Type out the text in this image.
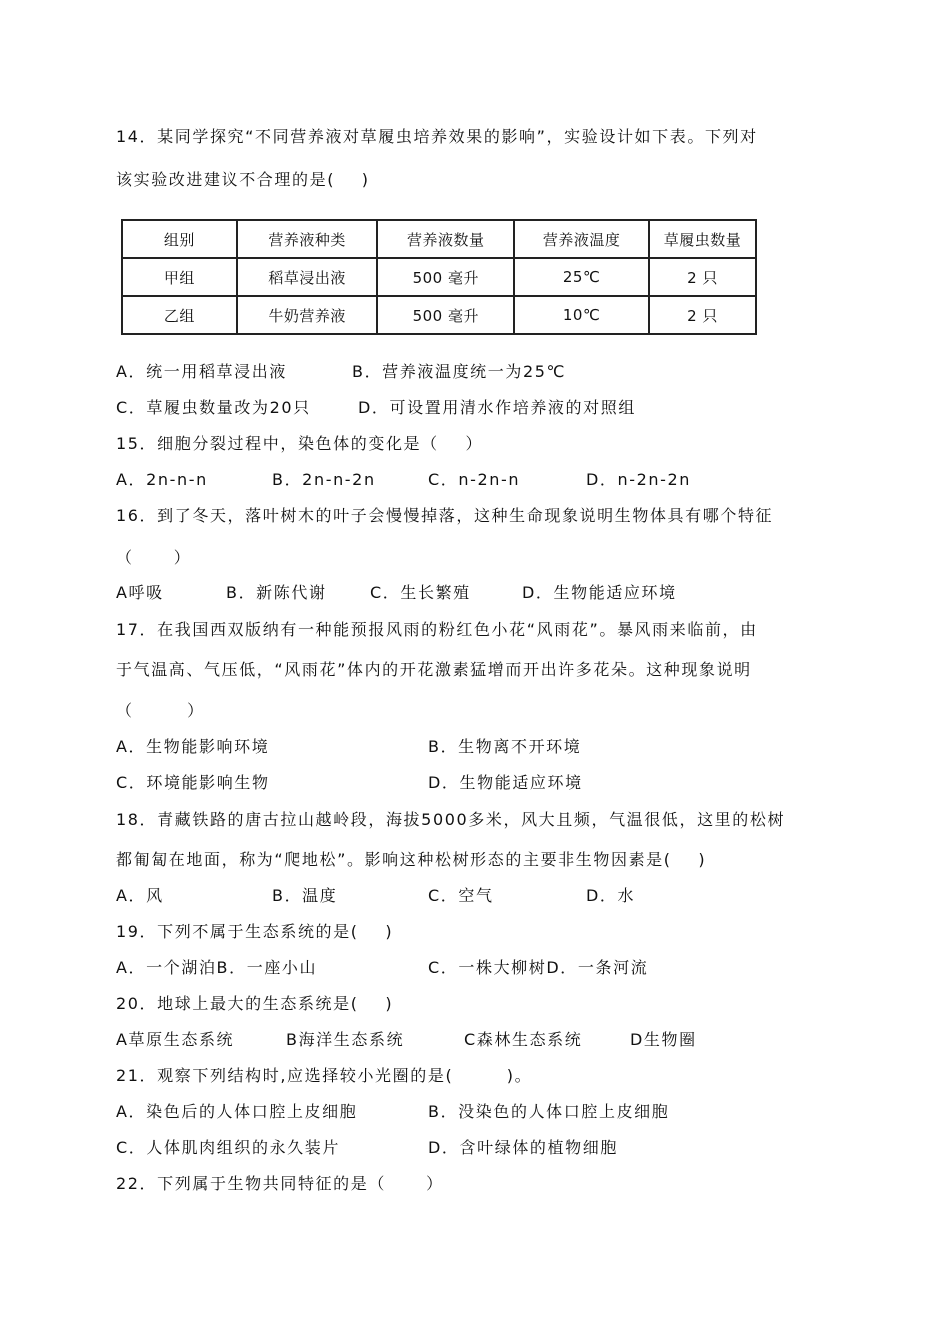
14．某同学探究“不同营养液对草履虫培养效果的影响”，实验设计如下表。下列对
该实验改进建议不合理的是(    )
组别	营养液种类	营养液数量	营养液温度	草履虫数量
甲组	稻草浸出液	500 毫升	25℃	2 只
乙组	牛奶营养液	500 毫升	10℃	2 只

A．统一用稻草浸出液

	B．营养液温度统一为25℃

C．草履虫数量改为20只

	D．可设置用清水作培养液的对照组

15．细胞分裂过程中，染色体的变化是（    ）

A．2n-n-n

	B．2n-n-2n

	C．n-2n-n

	D．n-2n-2n

16．到了冬天，落叶树木的叶子会慢慢掉落，这种生命现象说明生物体具有哪个特征
（      ）

A呼吸

	B．新陈代谢

	C．生长繁殖

	D．生物能适应环境

17．在我国西双版纳有一种能预报风雨的粉红色小花“风雨花”。暴风雨来临前，由
于气温高、气压低，“风雨花”体内的开花激素猛增而开出许多花朵。这种现象说明
（        ）

A．生物能影响环境

	B．生物离不开环境

C．环境能影响生物

	D．生物能适应环境

18．青藏铁路的唐古拉山越岭段，海拔5000多米，风大且频，气温很低，这里的松树
都匍匐在地面，称为“爬地松”。影响这种松树形态的主要非生物因素是(    )

A．风

	B．温度

	C．空气

	D．水

19．下列不属于生态系统的是(    )

A．一个湖泊B．一座小山

	C．一株大柳树D．一条河流

20．地球上最大的生态系统是(    )

A草原生态系统

	B海洋生态系统

	C森林生态系统

	D生物圈

21．观察下列结构时,应选择较小光圈的是(        )。

A．染色后的人体口腔上皮细胞

	B．没染色的人体口腔上皮细胞

C．人体肌肉组织的永久装片

	D．含叶绿体的植物细胞

22．下列属于生物共同特征的是（      ）
